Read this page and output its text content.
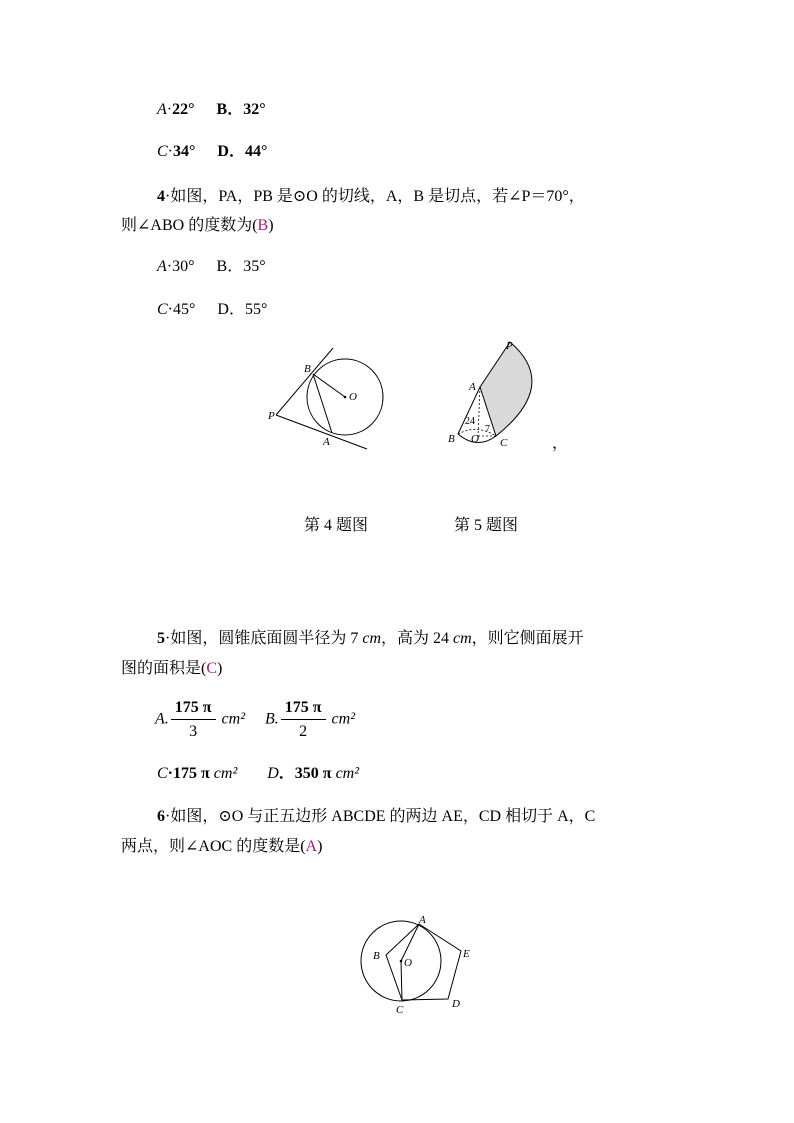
A·22° B．32°
C·34° D．44°
4·如图，PA，PB 是⊙O 的切线，A，B 是切点，若∠P＝70°，
则∠ABO 的度数为(B)
A·30° B．35°
C·45° D．55°
B
P
A
O
P
A
B O C
24
7
，
第 4 题图	第 5 题图
5·如图，圆锥底面圆半径为 7 cm，高为 24 cm，则它侧面展开
图的面积是(C)
A. $\frac{175 \pi}{3} cm^2$ B. $\frac{175 \pi}{2} cm^2$
C·175 π cm² D．350 π cm²
6·如图，⊙O 与正五边形 ABCDE 的两边 AE，CD 相切于 A，C
两点，则∠AOC 的度数是(A)
A
B
O
E
C	D
